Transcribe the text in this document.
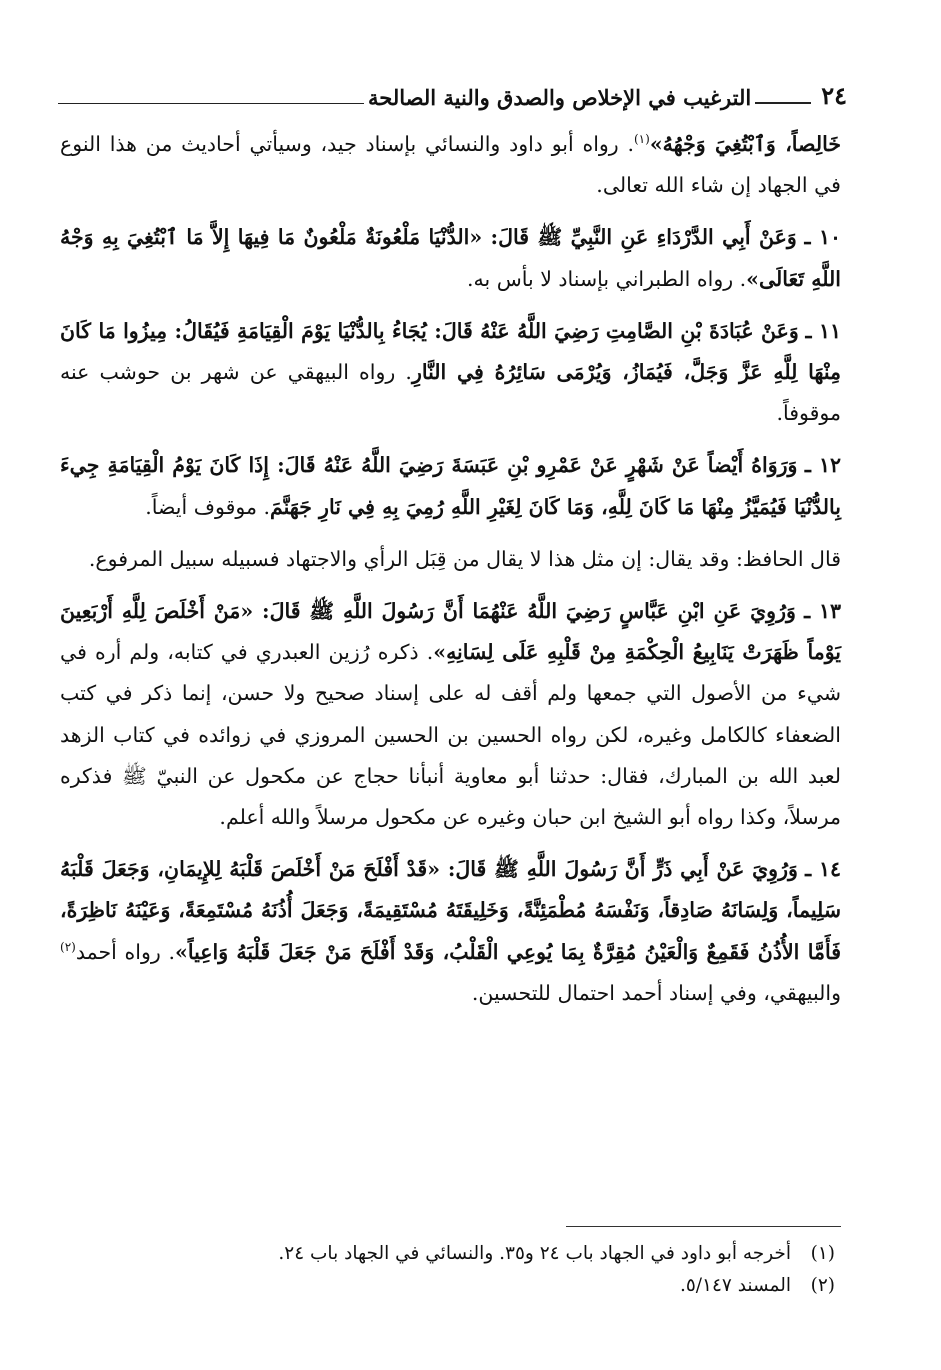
٢٤
الترغيب في الإخلاص والصدق والنية الصالحة

خَالِصاً، وَٱبْتُغِيَ وَجْهُهُ»$^{(١)}$. رواه أبو داود والنسائي بإسناد جيد، وسيأتي أحاديث من هذا النوع في الجهاد إن شاء الله تعالى.

١٠ ـ وَعَنْ أَبِي الدَّرْدَاءِ عَنِ النَّبِيِّ ﷺ قَالَ: «الدُّنْيَا مَلْعُونَةٌ مَلْعُونٌ مَا فِيهَا إِلاَّ مَا ٱبْتُغِيَ بِهِ وَجْهُ اللَّهِ تَعَالَى». رواه الطبراني بإسناد لا بأس به.

١١ ـ وَعَنْ عُبَادَةَ بْنِ الصَّامِتِ رَضِيَ اللَّهُ عَنْهُ قَالَ: يُجَاءُ بِالدُّنْيَا يَوْمَ الْقِيَامَةِ فَيُقَالُ: مِيزُوا مَا كَانَ مِنْهَا لِلَّهِ عَزَّ وَجَلَّ، فَيُمَازُ، وَيُرْمَى سَائِرُهُ فِي النَّارِ. رواه البيهقي عن شهر بن حوشب عنه موقوفاً.

١٢ ـ وَرَوَاهُ أَيْضاً عَنْ شَهْرٍ عَنْ عَمْرِو بْنِ عَبَسَةَ رَضِيَ اللَّهُ عَنْهُ قَالَ: إِذَا كَانَ يَوْمُ الْقِيَامَةِ جِيءَ بِالدُّنْيَا فَيُمَيَّزُ مِنْهَا مَا كَانَ لِلَّهِ، وَمَا كَانَ لِغَيْرِ اللَّهِ رُمِيَ بِهِ فِي نَارِ جَهَنَّمَ. موقوف أيضاً.

قال الحافظ: وقد يقال: إن مثل هذا لا يقال من قِبَل الرأي والاجتهاد فسبيله سبيل المرفوع.

١٣ ـ وَرُوِيَ عَنِ ابْنِ عَبَّاسٍ رَضِيَ اللَّهُ عَنْهُمَا أَنَّ رَسُولَ اللَّهِ ﷺ قَالَ: «مَنْ أَخْلَصَ لِلَّهِ أَرْبَعِينَ يَوْماً ظَهَرَتْ يَنَابِيعُ الْحِكْمَةِ مِنْ قَلْبِهِ عَلَى لِسَانِهِ». ذكره رُزين العبدري في كتابه، ولم أره في شيء من الأصول التي جمعها ولم أقف له على إسناد صحيح ولا حسن، إنما ذكر في كتب الضعفاء كالكامل وغيره، لكن رواه الحسين بن الحسين المروزي في زوائده في كتاب الزهد لعبد الله بن المبارك، فقال: حدثنا أبو معاوية أنبأنا حجاج عن مكحول عن النبيّ ﷺ فذكره مرسلاً، وكذا رواه أبو الشيخ ابن حبان وغيره عن مكحول مرسلاً والله أعلم.

١٤ ـ وَرُوِيَ عَنْ أَبِي ذَرٍّ أَنَّ رَسُولَ اللَّهِ ﷺ قَالَ: «قَدْ أَفْلَحَ مَنْ أَخْلَصَ قَلْبَهُ لِلإِيمَانِ، وَجَعَلَ قَلْبَهُ سَلِيماً، وَلِسَانَهُ صَادِقاً، وَنَفْسَهُ مُطْمَئِنَّةً، وَخَلِيقَتَهُ مُسْتَقِيمَةً، وَجَعَلَ أُذُنَهُ مُسْتَمِعَةً، وَعَيْنَهُ نَاظِرَةً، فَأَمَّا الأُذُنُ فَقَمِعٌ وَالْعَيْنُ مُقِرَّةٌ بِمَا يُوعِي الْقَلْبُ، وَقَدْ أَفْلَحَ مَنْ جَعَلَ قَلْبَهُ وَاعِياً». رواه أحمد$^{(٢)}$ والبيهقي، وفي إسناد أحمد احتمال للتحسين.

(١)
أخرجه أبو داود في الجهاد باب ٢٤ و٣٥. والنسائي في الجهاد باب ٢٤.
(٢)
المسند ٥/١٤٧.
